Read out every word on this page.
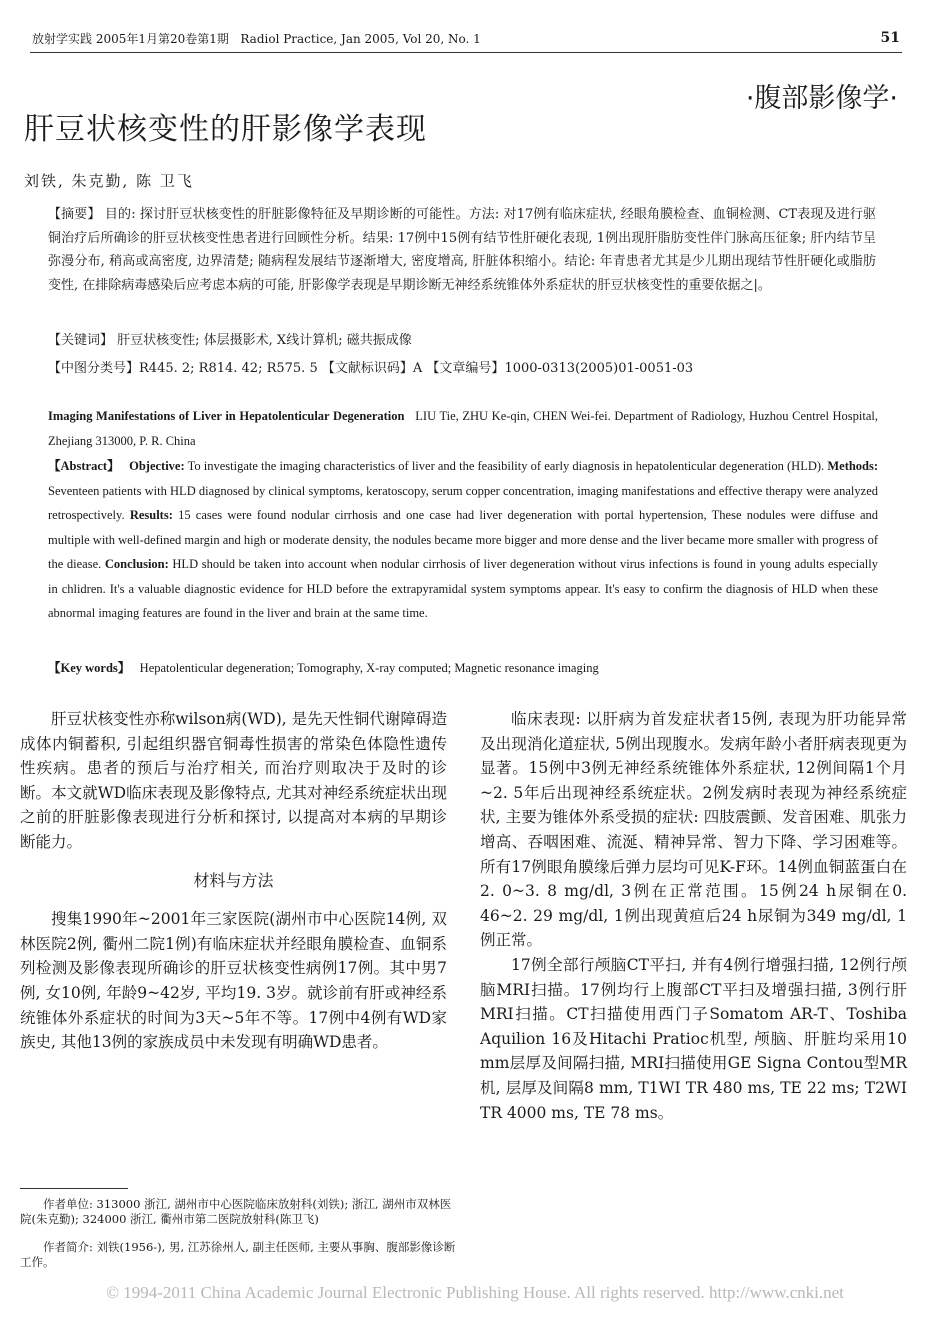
放射学实践 2005年1月第20卷第1期 Radiol Practice, Jan 2005, Vol 20, No. 1	51
·腹部影像学·
肝豆状核变性的肝影像学表现
刘铁, 朱克勤, 陈 卫飞
【摘要】 目的: 探讨肝豆状核变性的肝脏影像特征及早期诊断的可能性。方法: 对17例有临床症状, 经眼角膜检查、血铜检测、CT表现及进行驱铜治疗后所确诊的肝豆状核变性患者进行回顾性分析。结果: 17例中15例有结节性肝硬化表现, 1例出现肝脂肪变性伴门脉高压征象; 肝内结节呈弥漫分布, 稍高或高密度, 边界清楚; 随病程发展结节逐渐增大, 密度增高, 肝脏体积缩小。结论: 年青患者尤其是少儿期出现结节性肝硬化或脂肪变性, 在排除病毒感染后应考虑本病的可能, 肝影像学表现是早期诊断无神经系统锥体外系症状的肝豆状核变性的重要依据之|。
【关键词】 肝豆状核变性; 体层摄影术, X线计算机; 磁共振成像
【中图分类号】R445. 2; R814. 42; R575. 5 【文献标识码】A 【文章编号】1000-0313(2005)01-0051-03
Imaging Manifestations of Liver in Hepatolenticular Degeneration LIU Tie, ZHU Ke-qin, CHEN Wei-fei. Department of Radiology, Huzhou Centrel Hospital, Zhejiang 313000, P. R. China
【Abstract】 Objective: To investigate the imaging characteristics of liver and the feasibility of early diagnosis in hepatolenticular degeneration (HLD). Methods: Seventeen patients with HLD diagnosed by clinical symptoms, keratoscopy, serum copper concentration, imaging manifestations and effective therapy were analyzed retrospectively. Results: 15 cases were found nodular cirrhosis and one case had liver degeneration with portal hypertension, These nodules were diffuse and multiple with well-defined margin and high or moderate density, the nodules became more bigger and more dense and the liver became more smaller with progress of the diease. Conclusion: HLD should be taken into account when nodular cirrhosis of liver degeneration without virus infections is found in young adults especially in chlidren. It's a valuable diagnostic evidence for HLD before the extrapyramidal system symptoms appear. It's easy to confirm the diagnosis of HLD when these abnormal imaging features are found in the liver and brain at the same time.
【Key words】 Hepatolenticular degeneration; Tomography, X-ray computed; Magnetic resonance imaging

肝豆状核变性亦称wilson病(WD), 是先天性铜代谢障碍造成体内铜蓄积, 引起组织器官铜毒性损害的常染色体隐性遗传性疾病。患者的预后与治疗相关, 而治疗则取决于及时的诊断。本文就WD临床表现及影像特点, 尤其对神经系统症状出现之前的肝脏影像表现进行分析和探讨, 以提高对本病的早期诊断能力。

材料与方法

搜集1990年~2001年三家医院(湖州市中心医院14例, 双林医院2例, 衢州二院1例)有临床症状并经眼角膜检查、血铜系列检测及影像表现所确诊的肝豆状核变性病例17例。其中男7例, 女10例, 年龄9~42岁, 平均19. 3岁。就诊前有肝或神经系统锥体外系症状的时间为3天~5年不等。17例中4例有WD家族史, 其他13例的家族成员中未发现有明确WD患者。

临床表现: 以肝病为首发症状者15例, 表现为肝功能异常及出现消化道症状, 5例出现腹水。发病年龄小者肝病表现更为显著。15例中3例无神经系统锥体外系症状, 12例间隔1个月~2. 5年后出现神经系统症状。2例发病时表现为神经系统症状, 主要为锥体外系受损的症状: 四肢震颤、发音困难、肌张力增高、吞咽困难、流涎、精神异常、智力下降、学习困难等。所有17例眼角膜缘后弹力层均可见K-F环。14例血铜蓝蛋白在2. 0~3. 8 mg/dl, 3例在正常范围。15例24 h尿铜在0. 46~2. 29 mg/dl, 1例出现黄疸后24 h尿铜为349 mg/dl, 1例正常。

17例全部行颅脑CT平扫, 并有4例行增强扫描, 12例行颅脑MRI扫描。17例均行上腹部CT平扫及增强扫描, 3例行肝MRI扫描。CT扫描使用西门子Somatom AR-T、Toshiba Aquilion 16及Hitachi Pratioc机型, 颅脑、肝脏均采用10 mm层厚及间隔扫描, MRI扫描使用GE Signa Contou型MR机, 层厚及间隔8 mm, T1WI TR 480 ms, TE 22 ms; T2WI TR 4000 ms, TE 78 ms。

作者单位: 313000 浙江, 湖州市中心医院临床放射科(刘铁); 浙江, 湖州市双林医院(朱克勤); 324000 浙江, 衢州市第二医院放射科(陈卫飞)
作者简介: 刘铁(1956-), 男, 江苏徐州人, 副主任医师, 主要从事胸、腹部影像诊断工作。
© 1994-2011 China Academic Journal Electronic Publishing House. All rights reserved. http://www.cnki.net
